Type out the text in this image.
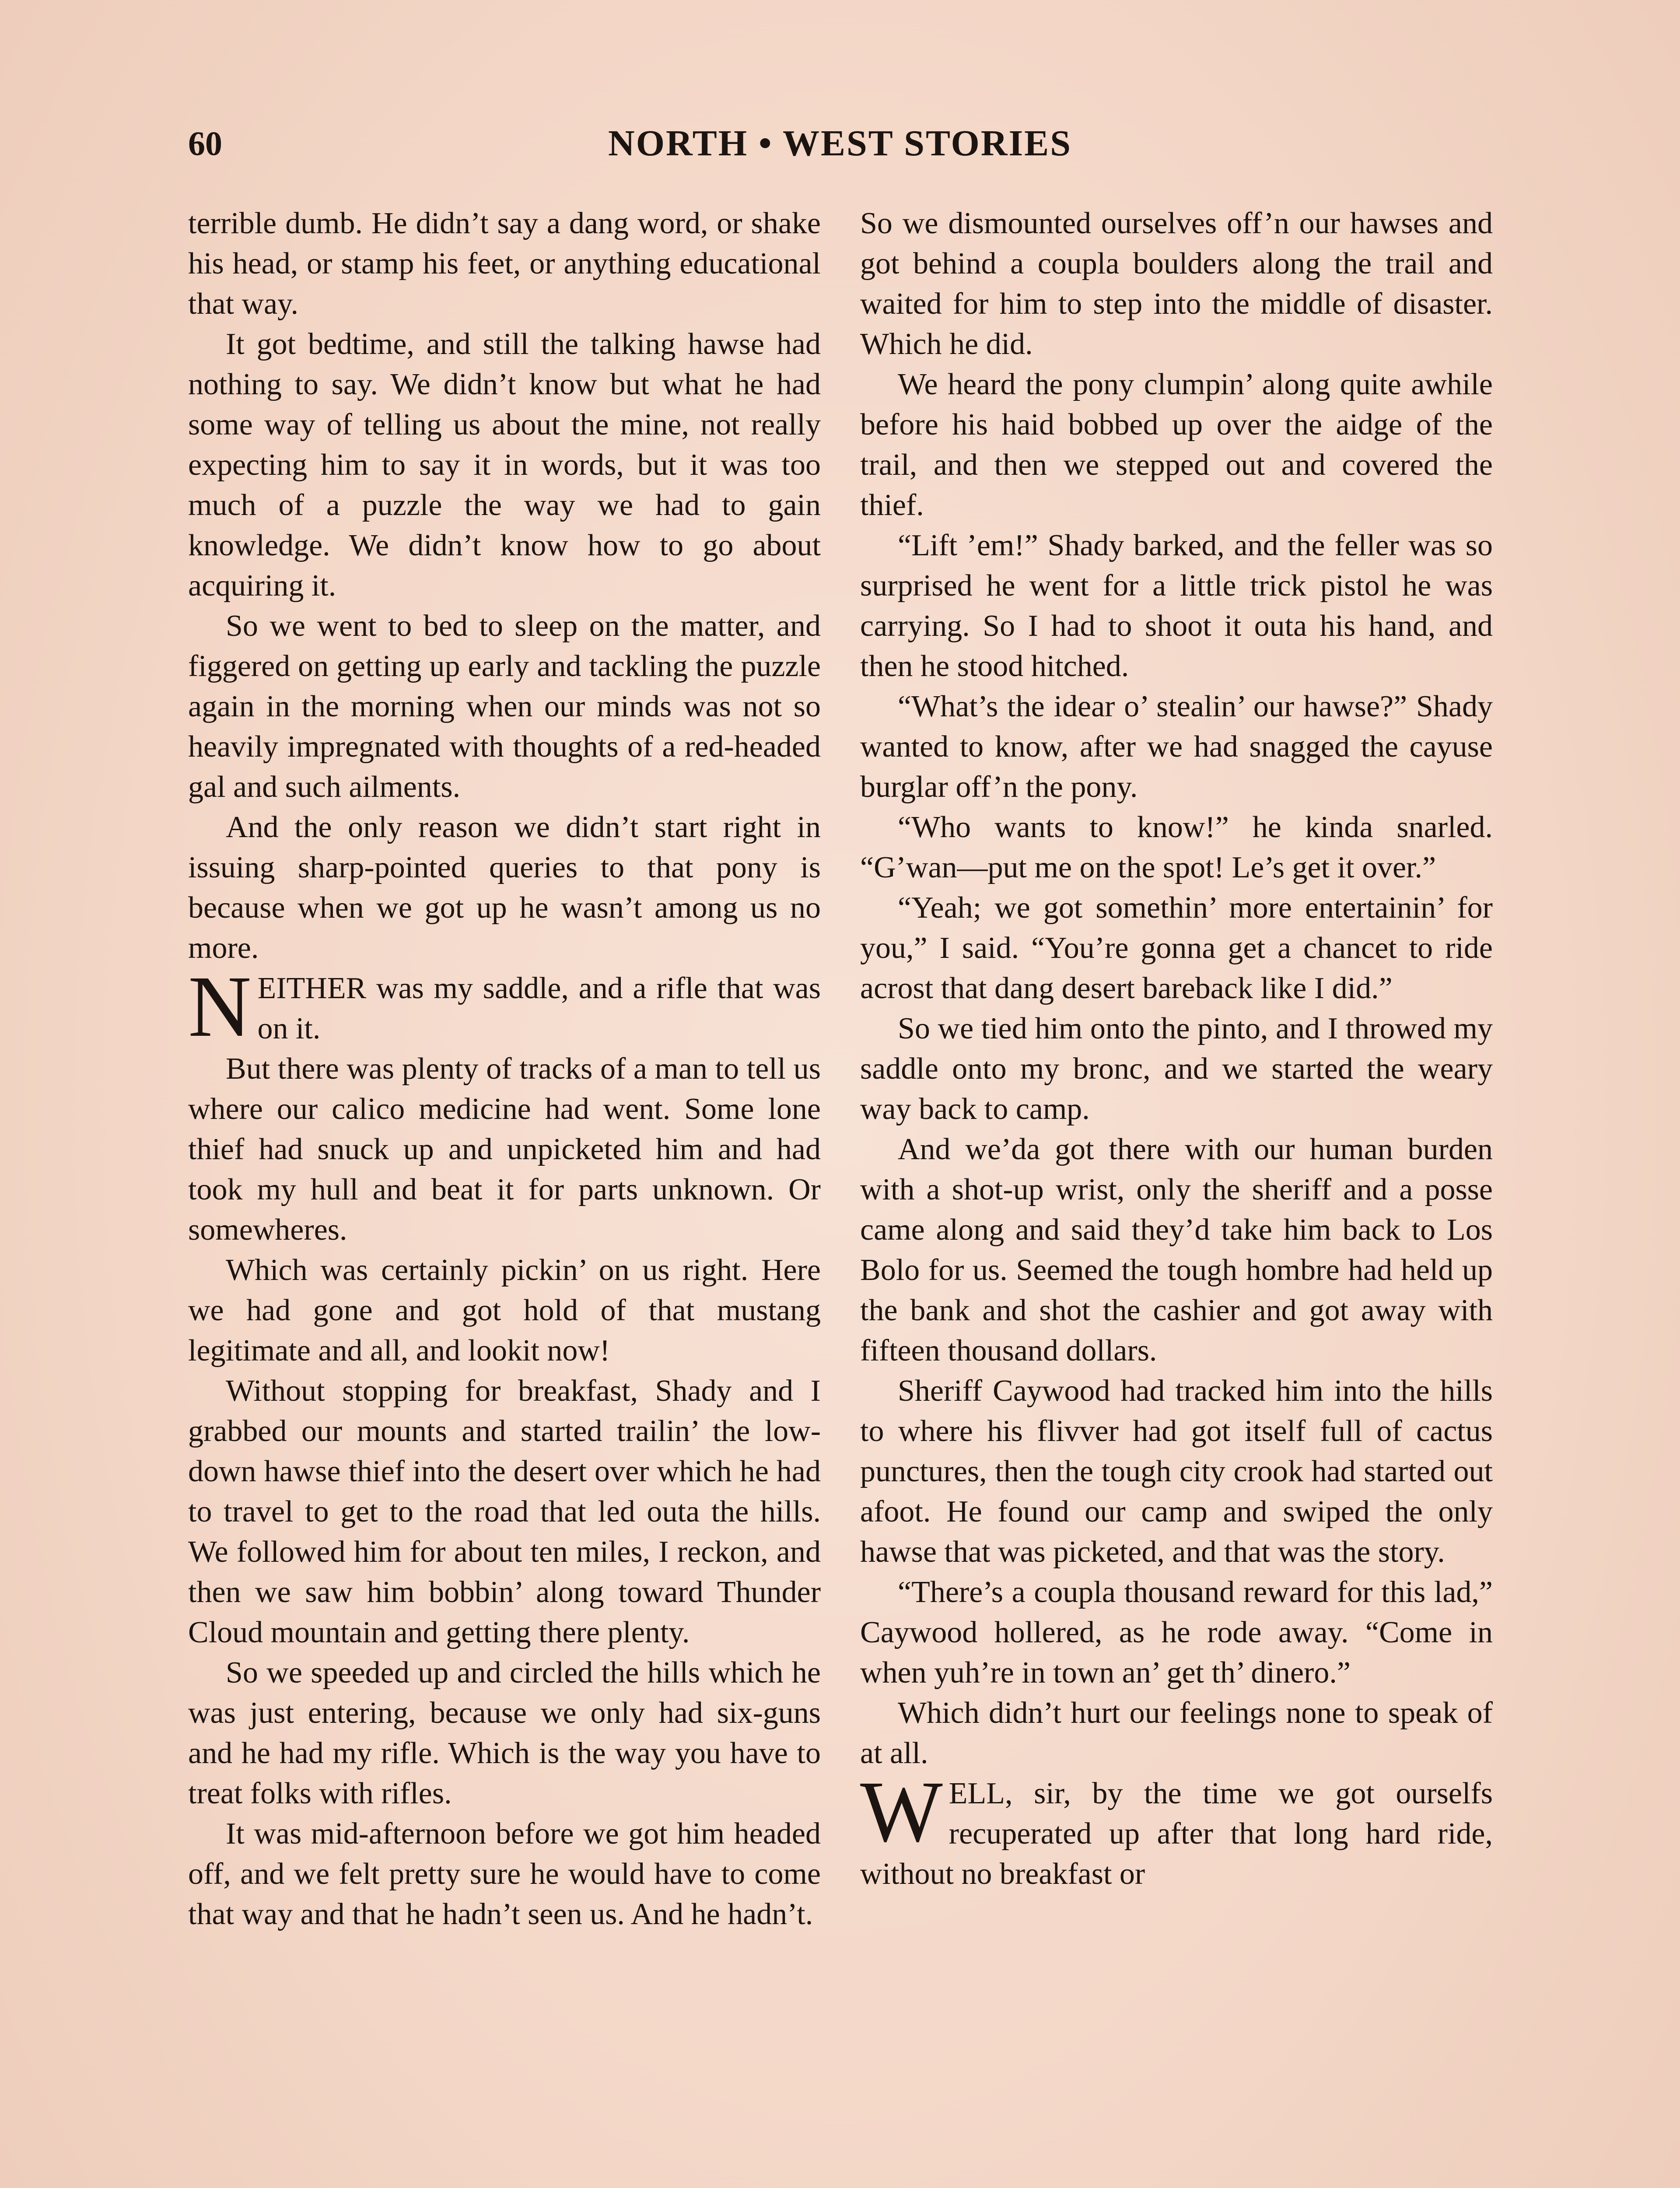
60	NORTH • WEST STORIES

terrible dumb. He didn’t say a dang word, or shake his head, or stamp his feet, or anything educational that way.

It got bedtime, and still the talking hawse had nothing to say. We didn’t know but what he had some way of telling us about the mine, not really expecting him to say it in words, but it was too much of a puzzle the way we had to gain knowledge. We didn’t know how to go about acquiring it.

So we went to bed to sleep on the matter, and figgered on getting up early and tackling the puzzle again in the morning when our minds was not so heavily impregnated with thoughts of a red-headed gal and such ailments.

And the only reason we didn’t start right in issuing sharp-pointed queries to that pony is because when we got up he wasn’t among us no more.

NEITHER was my saddle, and a rifle that was on it.

But there was plenty of tracks of a man to tell us where our calico medicine had went. Some lone thief had snuck up and unpicketed him and had took my hull and beat it for parts unknown. Or somewheres.

Which was certainly pickin’ on us right. Here we had gone and got hold of that mustang legitimate and all, and lookit now!

Without stopping for breakfast, Shady and I grabbed our mounts and started trailin’ the low-down hawse thief into the desert over which he had to travel to get to the road that led outa the hills. We followed him for about ten miles, I reckon, and then we saw him bobbin’ along toward Thunder Cloud mountain and getting there plenty.

So we speeded up and circled the hills which he was just entering, because we only had six-guns and he had my rifle. Which is the way you have to treat folks with rifles.

It was mid-afternoon before we got him headed off, and we felt pretty sure he would have to come that way and that he hadn’t seen us. And he hadn’t.

So we dismounted ourselves off’n our hawses and got behind a coupla boulders along the trail and waited for him to step into the middle of disaster. Which he did.

We heard the pony clumpin’ along quite awhile before his haid bobbed up over the aidge of the trail, and then we stepped out and covered the thief.

“Lift ’em!” Shady barked, and the feller was so surprised he went for a little trick pistol he was carrying. So I had to shoot it outa his hand, and then he stood hitched.

“What’s the idear o’ stealin’ our hawse?” Shady wanted to know, after we had snagged the cayuse burglar off’n the pony.

“Who wants to know!” he kinda snarled. “G’wan—put me on the spot! Le’s get it over.”

“Yeah; we got somethin’ more entertainin’ for you,” I said. “You’re gonna get a chancet to ride acrost that dang desert bareback like I did.”

So we tied him onto the pinto, and I throwed my saddle onto my bronc, and we started the weary way back to camp.

And we’da got there with our human burden with a shot-up wrist, only the sheriff and a posse came along and said they’d take him back to Los Bolo for us. Seemed the tough hombre had held up the bank and shot the cashier and got away with fifteen thousand dollars.

Sheriff Caywood had tracked him into the hills to where his flivver had got itself full of cactus punctures, then the tough city crook had started out afoot. He found our camp and swiped the only hawse that was picketed, and that was the story.

“There’s a coupla thousand reward for this lad,” Caywood hollered, as he rode away. “Come in when yuh’re in town an’ get th’ dinero.”

Which didn’t hurt our feelings none to speak of at all.

WELL, sir, by the time we got ourselfs recuperated up after that long hard ride, without no breakfast or
